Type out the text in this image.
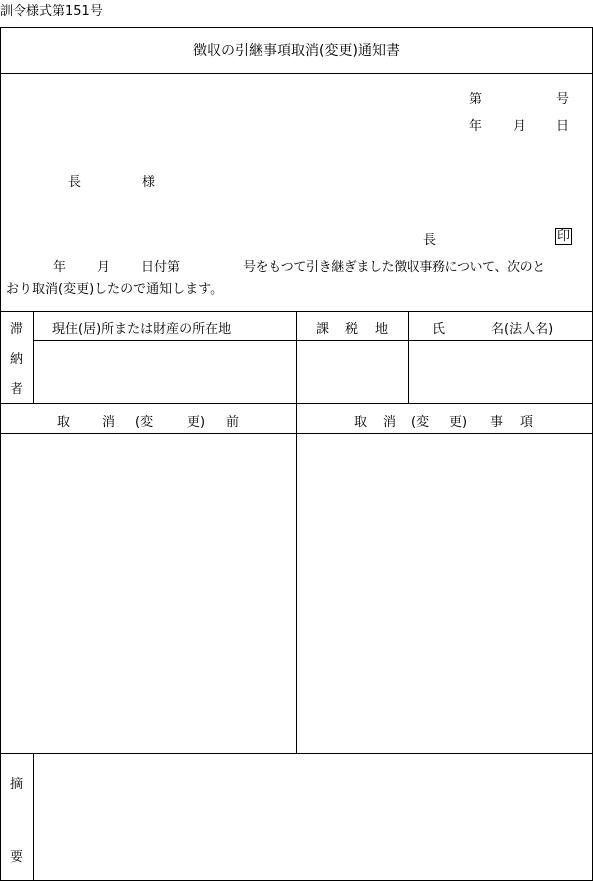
訓令様式第151号
徴収の引継事項取消(変更)通知書
第	号
年 月 日
長	様
長	印
年 月 日付第	号をもつて引き継ぎました徴収事務について、次のと
おり取消(変更)したので通知します。
滞
納
者
現住(居)所または財産の所在地	課 税 地	氏	名(法人名)
取 消 (変	更) 前	取 消 (変 更) 事 項
摘
要
